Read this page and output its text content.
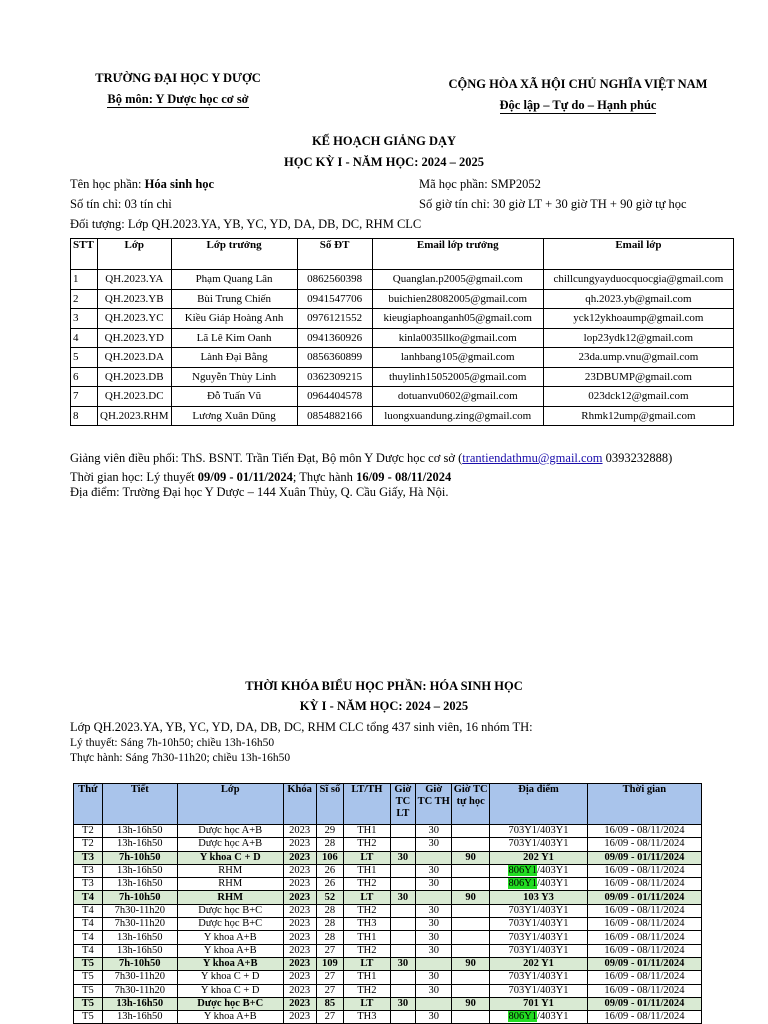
TRƯỜNG ĐẠI HỌC Y DƯỢC
Bộ môn: Y Dược học cơ sở
CỘNG HÒA XÃ HỘI CHỦ NGHĨA VIỆT NAM
Độc lập – Tự do – Hạnh phúc
KẾ HOẠCH GIẢNG DẠY
HỌC KỲ I - NĂM HỌC: 2024 – 2025
Tên học phần: Hóa sinh học	Mã học phần: SMP2052
Số tín chỉ: 03 tín chỉ	Số giờ tín chỉ: 30 giờ LT + 30 giờ TH + 90 giờ tự học
Đối tượng: Lớp QH.2023.YA, YB, YC, YD, DA, DB, DC, RHM CLC
STT	Lớp	Lớp trưởng	Số ĐT	Email lớp trưởng	Email lớp
1	QH.2023.YA	Phạm Quang Lân	0862560398	Quanglan.p2005@gmail.com	chillcungyayduocquocgia@gmail.com
2	QH.2023.YB	Bùi Trung Chiến	0941547706	buichien28082005@gmail.com	qh.2023.yb@gmail.com
3	QH.2023.YC	Kiều Giáp Hoàng Anh	0976121552	kieugiaphoanganh05@gmail.com	yck12ykhoaump@gmail.com
4	QH.2023.YD	Lã Lê Kim Oanh	0941360926	kinla0035llko@gmail.com	lop23ydk12@gmail.com
5	QH.2023.DA	Lành Đại Bằng	0856360899	lanhbang105@gmail.com	23da.ump.vnu@gmail.com
6	QH.2023.DB	Nguyễn Thùy Linh	0362309215	thuylinh15052005@gmail.com	23DBUMP@gmail.com
7	QH.2023.DC	Đỗ Tuấn Vũ	0964404578	dotuanvu0602@gmail.com	023dck12@gmail.com
8	QH.2023.RHM	Lương Xuân Dũng	0854882166	luongxuandung.zing@gmail.com	Rhmk12ump@gmail.com
Giảng viên điều phối: ThS. BSNT. Trần Tiến Đạt, Bộ môn Y Dược học cơ sở (trantiendathmu@gmail.com 0393232888)
Thời gian học: Lý thuyết 09/09 - 01/11/2024; Thực hành 16/09 - 08/11/2024
Địa điểm: Trường Đại học Y Dược – 144 Xuân Thủy, Q. Cầu Giấy, Hà Nội.
THỜI KHÓA BIỂU HỌC PHẦN: HÓA SINH HỌC
KỲ I - NĂM HỌC: 2024 – 2025
Lớp QH.2023.YA, YB, YC, YD, DA, DB, DC, RHM CLC tổng 437 sinh viên, 16 nhóm TH:
Lý thuyết: Sáng 7h-10h50; chiều 13h-16h50
Thực hành: Sáng 7h30-11h20; chiều 13h-16h50
Thứ	Tiết	Lớp	Khóa	Sĩ số	LT/TH	Giờ TC LT	Giờ TC TH	Giờ TC tự học	Địa điểm	Thời gian
T2	13h-16h50	Dược học A+B	2023	29	TH1		30		703Y1/403Y1	16/09 - 08/11/2024
T2	13h-16h50	Dược học A+B	2023	28	TH2		30		703Y1/403Y1	16/09 - 08/11/2024
T3	7h-10h50	Y khoa C + D	2023	106	LT	30		90	202 Y1	09/09 - 01/11/2024
T3	13h-16h50	RHM	2023	26	TH1		30		806Y1/403Y1	16/09 - 08/11/2024
T3	13h-16h50	RHM	2023	26	TH2		30		806Y1/403Y1	16/09 - 08/11/2024
T4	7h-10h50	RHM	2023	52	LT	30		90	103 Y3	09/09 - 01/11/2024
T4	7h30-11h20	Dược học B+C	2023	28	TH2		30		703Y1/403Y1	16/09 - 08/11/2024
T4	7h30-11h20	Dược học B+C	2023	28	TH3		30		703Y1/403Y1	16/09 - 08/11/2024
T4	13h-16h50	Y khoa A+B	2023	28	TH1		30		703Y1/403Y1	16/09 - 08/11/2024
T4	13h-16h50	Y khoa A+B	2023	27	TH2		30		703Y1/403Y1	16/09 - 08/11/2024
T5	7h-10h50	Y khoa A+B	2023	109	LT	30		90	202 Y1	09/09 - 01/11/2024
T5	7h30-11h20	Y khoa C + D	2023	27	TH1		30		703Y1/403Y1	16/09 - 08/11/2024
T5	7h30-11h20	Y khoa C + D	2023	27	TH2		30		703Y1/403Y1	16/09 - 08/11/2024
T5	13h-16h50	Dược học B+C	2023	85	LT	30		90	701 Y1	09/09 - 01/11/2024
T5	13h-16h50	Y khoa A+B	2023	27	TH3		30		806Y1/403Y1	16/09 - 08/11/2024
